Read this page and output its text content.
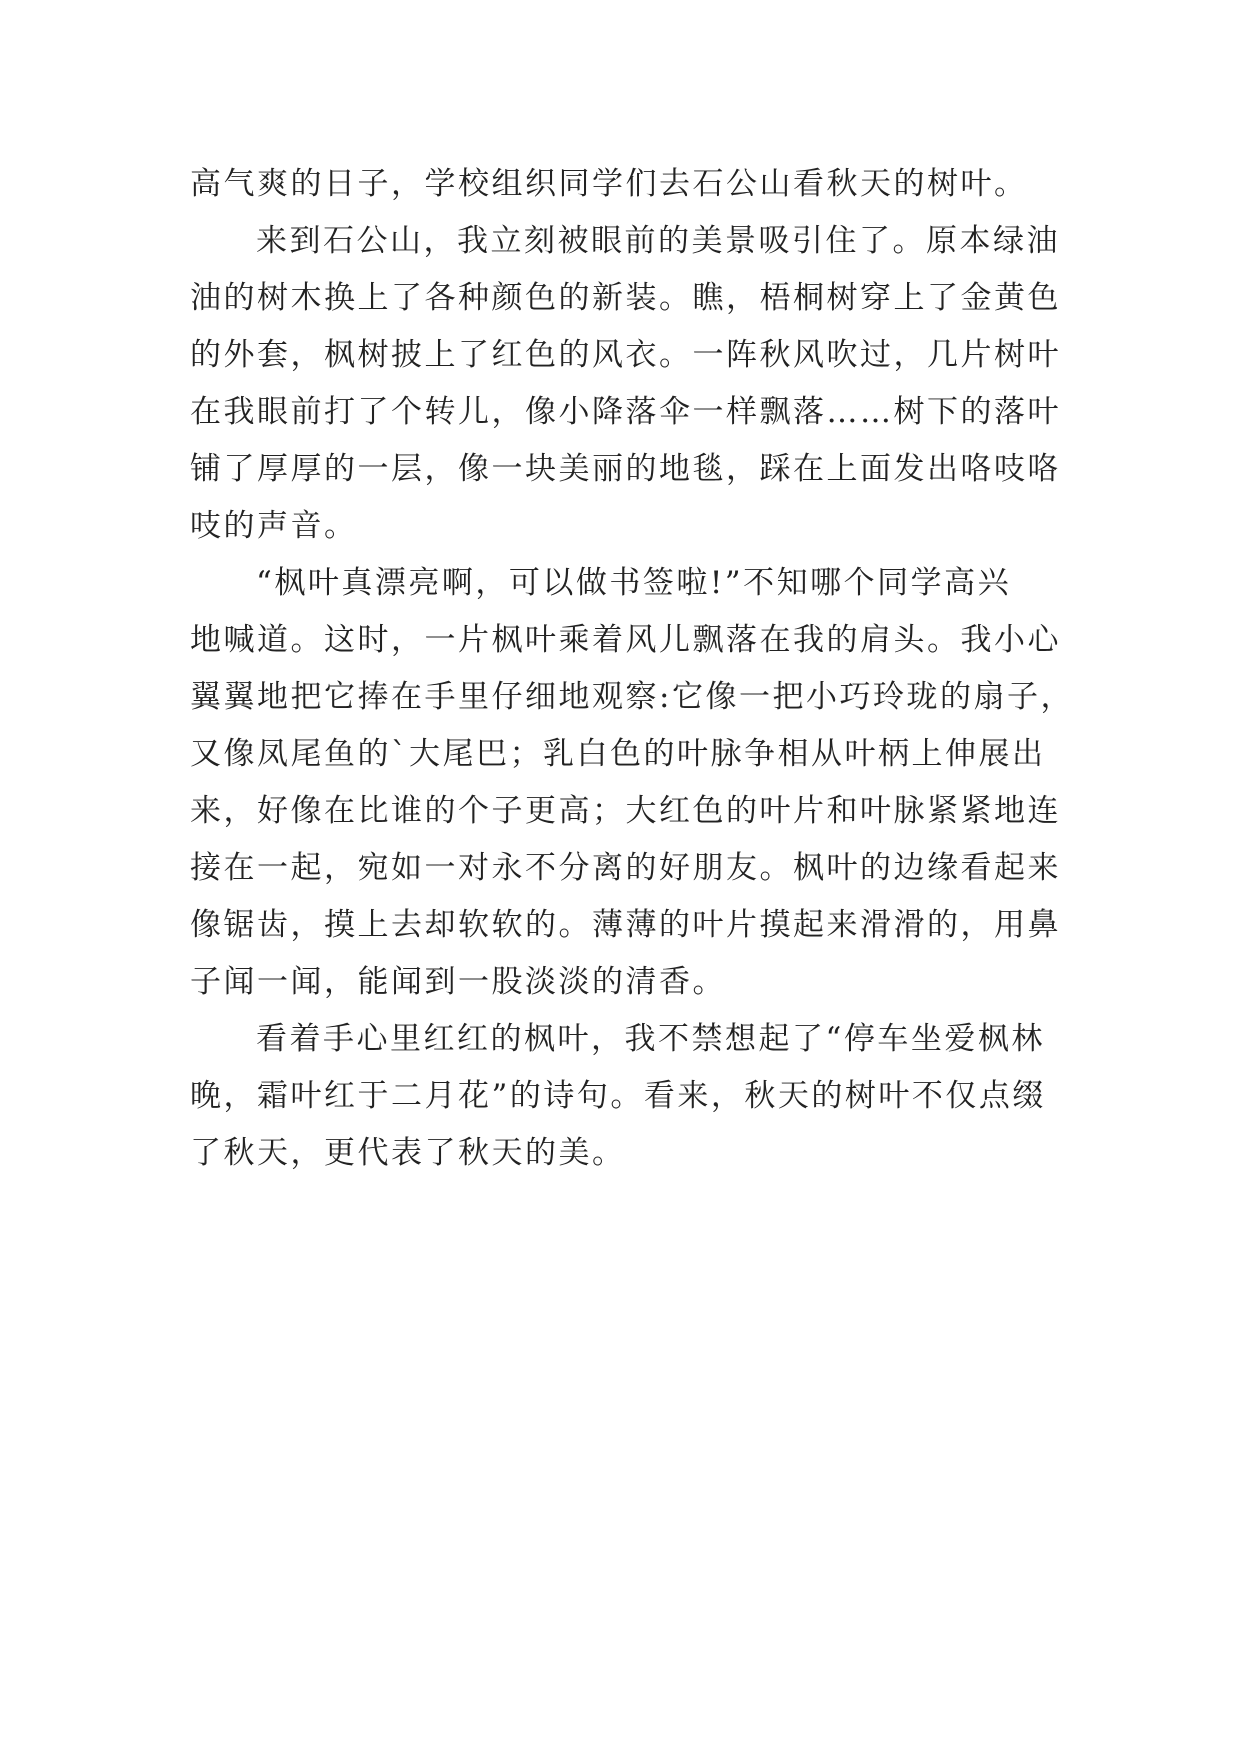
高气爽的日子，学校组织同学们去石公山看秋天的树叶。
来到石公山，我立刻被眼前的美景吸引住了。原本绿油
油的树木换上了各种颜色的新装。瞧，梧桐树穿上了金黄色
的外套，枫树披上了红色的风衣。一阵秋风吹过，几片树叶
在我眼前打了个转儿，像小降落伞一样飘落……树下的落叶
铺了厚厚的一层，像一块美丽的地毯，踩在上面发出咯吱咯
吱的声音。
“枫叶真漂亮啊，可以做书签啦!”不知哪个同学高兴
地喊道。这时，一片枫叶乘着风儿飘落在我的肩头。我小心
翼翼地把它捧在手里仔细地观察:它像一把小巧玲珑的扇子，
又像凤尾鱼的`大尾巴；乳白色的叶脉争相从叶柄上伸展出
来，好像在比谁的个子更高；大红色的叶片和叶脉紧紧地连
接在一起，宛如一对永不分离的好朋友。枫叶的边缘看起来
像锯齿，摸上去却软软的。薄薄的叶片摸起来滑滑的，用鼻
子闻一闻，能闻到一股淡淡的清香。
看着手心里红红的枫叶，我不禁想起了“停车坐爱枫林
晚，霜叶红于二月花”的诗句。看来，秋天的树叶不仅点缀
了秋天，更代表了秋天的美。
